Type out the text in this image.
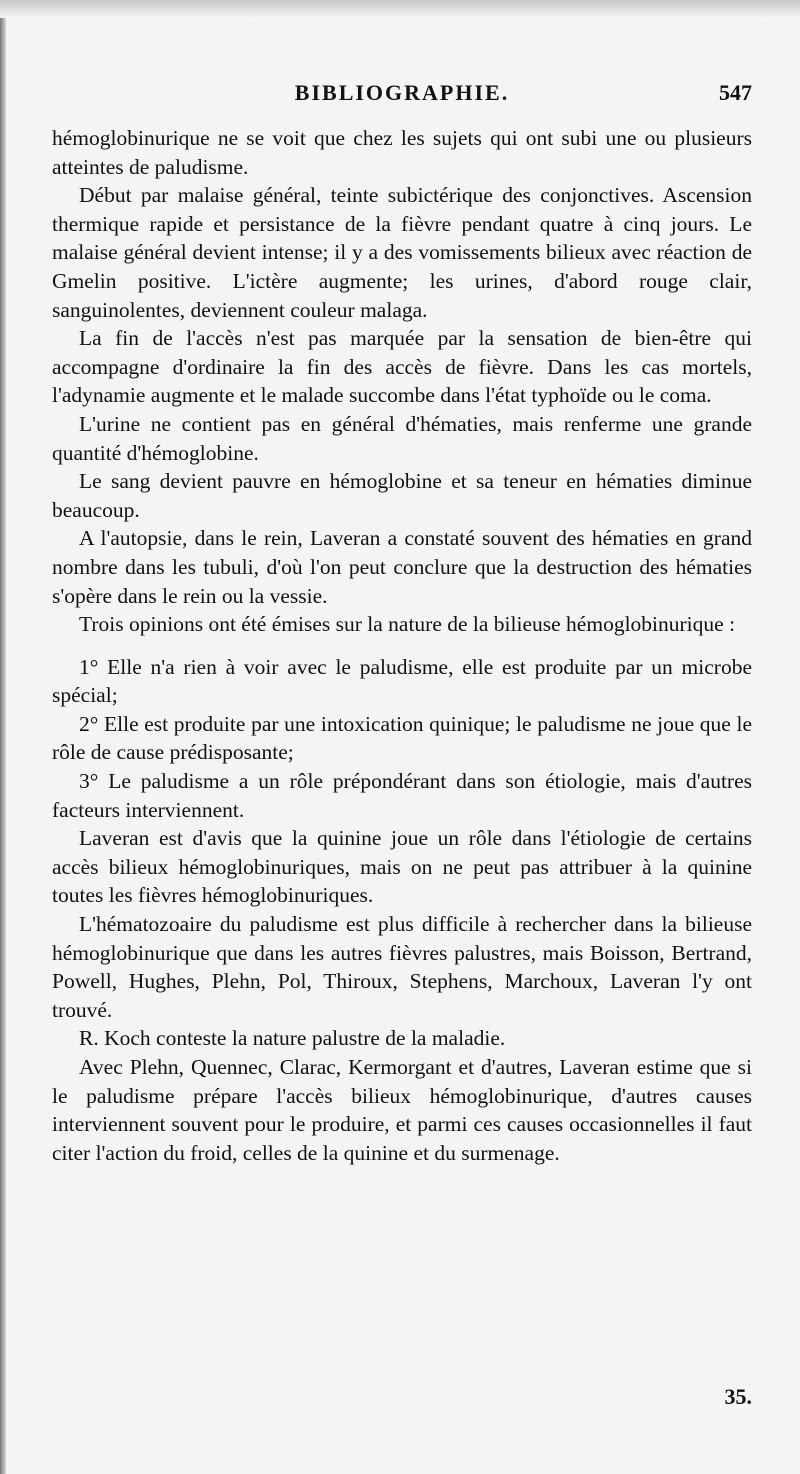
BIBLIOGRAPHIE.	547

hémoglobinurique ne se voit que chez les sujets qui ont subi une ou plusieurs atteintes de paludisme.

Début par malaise général, teinte subictérique des conjonctives. Ascension thermique rapide et persistance de la fièvre pendant quatre à cinq jours. Le malaise général devient intense; il y a des vomissements bilieux avec réaction de Gmelin positive. L'ictère augmente; les urines, d'abord rouge clair, sanguinolentes, deviennent couleur malaga.

La fin de l'accès n'est pas marquée par la sensation de bien-être qui accompagne d'ordinaire la fin des accès de fièvre. Dans les cas mortels, l'adynamie augmente et le malade succombe dans l'état typhoïde ou le coma.

L'urine ne contient pas en général d'hématies, mais renferme une grande quantité d'hémoglobine.

Le sang devient pauvre en hémoglobine et sa teneur en hématies diminue beaucoup.

A l'autopsie, dans le rein, Laveran a constaté souvent des hématies en grand nombre dans les tubuli, d'où l'on peut conclure que la destruction des hématies s'opère dans le rein ou la vessie.

Trois opinions ont été émises sur la nature de la bilieuse hémoglobinurique :

1° Elle n'a rien à voir avec le paludisme, elle est produite par un microbe spécial;

2° Elle est produite par une intoxication quinique; le paludisme ne joue que le rôle de cause prédisposante;

3° Le paludisme a un rôle prépondérant dans son étiologie, mais d'autres facteurs interviennent.

Laveran est d'avis que la quinine joue un rôle dans l'étiologie de certains accès bilieux hémoglobinuriques, mais on ne peut pas attribuer à la quinine toutes les fièvres hémoglobinuriques.

L'hématozoaire du paludisme est plus difficile à rechercher dans la bilieuse hémoglobinurique que dans les autres fièvres palustres, mais Boisson, Bertrand, Powell, Hughes, Plehn, Pol, Thiroux, Stephens, Marchoux, Laveran l'y ont trouvé.

R. Koch conteste la nature palustre de la maladie.

Avec Plehn, Quennec, Clarac, Kermorgant et d'autres, Laveran estime que si le paludisme prépare l'accès bilieux hémoglobinurique, d'autres causes interviennent souvent pour le produire, et parmi ces causes occasionnelles il faut citer l'action du froid, celles de la quinine et du surmenage.

35.
